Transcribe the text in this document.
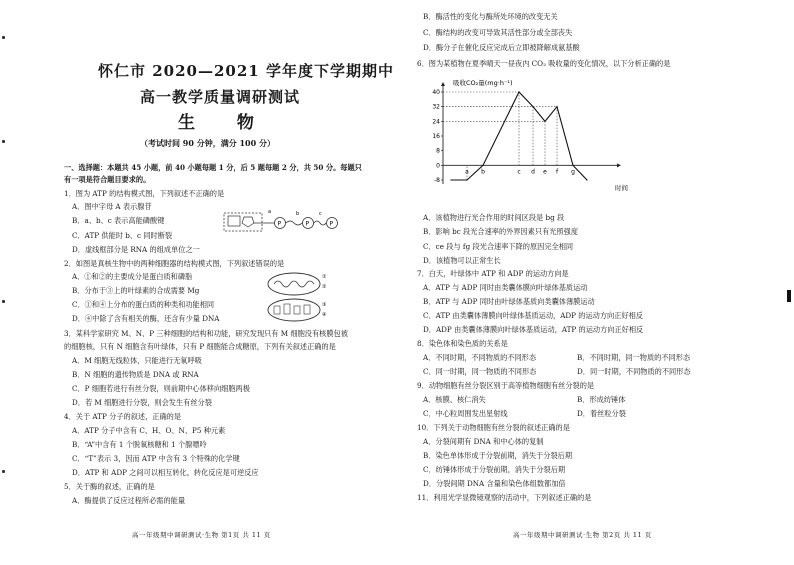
怀仁市 2020—2021 学年度下学期期中
高一教学质量调研测试
生 物
（考试时间 90 分钟，满分 100 分）
一、选择题：本题共 45 小题，前 40 小题每题 1 分，后 5 题每题 2 分，共 50 分。每题只
有一项是符合题目要求的。
1．图为 ATP 的结构模式图，下列叙述不正确的是
A．图中字母 A 表示腺苷
B．a、b、c 表示高能磷酸键
C．ATP 供能时 b、c 同时断裂
D．虚线框部分是 RNA 的组成单位之一
P	P	P
a	b	c
2．如图是真核生物中的两种细胞器的结构模式图，下列叙述错误的是
A．①和②的主要成分是蛋白质和磷脂
B．分布于③上的叶绿素的合成需要 Mg
C．①和④上分布的蛋白质的种类和功能相同
D．④中除了含有相关的酶，还含有少量 DNA
①
②
③
④
3．某科学家研究 M、N、P 三种细胞的结构和功能，研究发现只有 M 细胞没有核膜包被
的细胞核，只有 N 细胞含有叶绿体，只有 P 细胞能合成糖原，下列有关叙述正确的是
A．M 细胞无线粒体，只能进行无氧呼吸
B．N 细胞的遗传物质是 DNA 或 RNA
C．P 细胞若进行有丝分裂，则前期中心体移向细胞两极
D．若 M 细胞进行分裂，则会发生有丝分裂
4．关于 ATP 分子的叙述，正确的是
A．ATP 分子中含有 C、H、O、N、P5 种元素
B．“A”中含有 1 个脱氧核糖和 1 个腺嘌呤
C．“T”表示 3，因而 ATP 中含有 3 个特殊的化学键
D．ATP 和 ADP 之间可以相互转化，转化反应是可逆反应
5．关于酶的叙述，正确的是
A．酶提供了反应过程所必需的能量
高一年级期中调研测试·生物 第1页 共 11 页
B．酶活性的变化与酶所处环境的改变无关
C．酶结构的改变可导致其活性部分或全部丧失
D．酶分子在催化反应完成后立即被降解成氨基酸
6．图为某植物在夏季晴天一昼夜内 CO₂ 吸收量的变化情况，以下分析正确的是
吸收CO₂量(mg·h⁻¹)
时间
40
32
24
16
8
0
-8
a b	c d e f g
A．该植物进行光合作用的时间区段是 bg 段
B．影响 bc 段光合速率的外界因素只有光照强度
C．ce 段与 fg 段光合速率下降的原因完全相同
D．该植物可以正常生长
7．白天，叶绿体中 ATP 和 ADP 的运动方向是
A．ATP 与 ADP 同时由类囊体膜向叶绿体基质运动
B．ATP 与 ADP 同时由叶绿体基质向类囊体薄膜运动
C．ATP 由类囊体薄膜向叶绿体基质运动，ADP 的运动方向正好相反
D．ADP 由类囊体薄膜向叶绿体基质运动，ATP 的运动方向正好相反
8．染色体和染色质的关系是
A．不同时期，不同物质的不同形态	B．不同时期，同一物质的不同形态
C．同一时期，同一物质的不同形态	D．同一时期，不同物质的不同形态
9．动物细胞有丝分裂区别于高等植物细胞有丝分裂的是
A．核膜、核仁消失	B．形成纺锤体
C．中心粒周围发出星射线	D．着丝粒分裂
10．下列关于动物细胞有丝分裂的叙述正确的是
A．分裂间期有 DNA 和中心体的复制
B．染色单体形成于分裂前期，消失于分裂后期
C．纺锤体形成于分裂前期，消失于分裂后期
D．分裂间期 DNA 含量和染色体组数都加倍
11．利用光学显微镜观察的活动中，下列叙述正确的是
高一年级期中调研测试·生物 第2页 共 11 页
